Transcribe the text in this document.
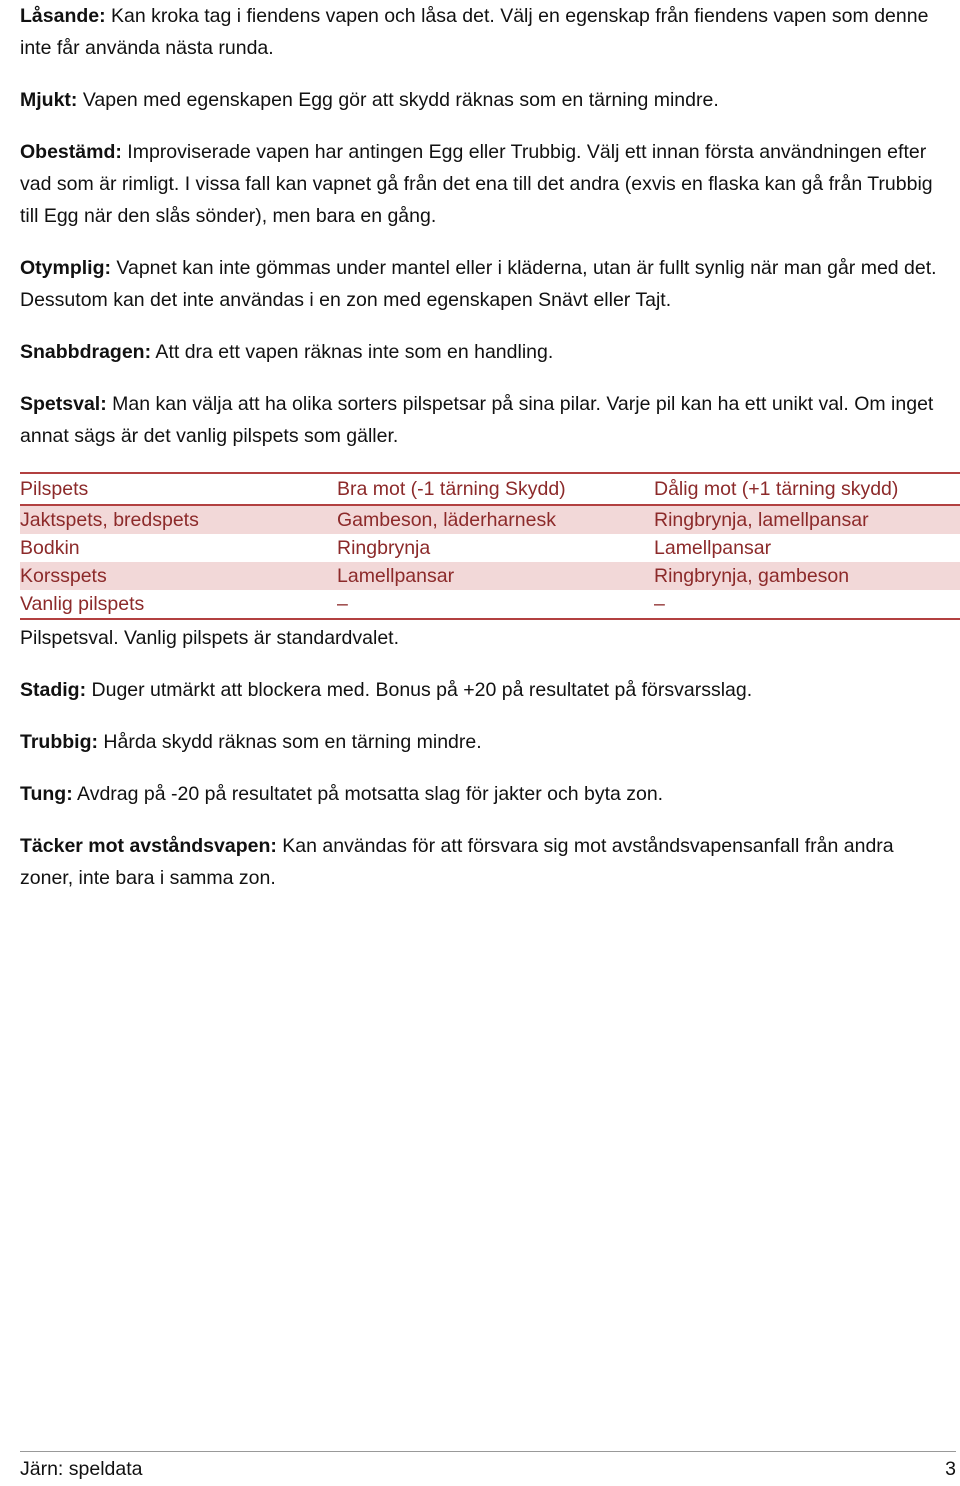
Låsande: Kan kroka tag i fiendens vapen och låsa det. Välj en egenskap från fiendens vapen som denne inte får använda nästa runda.

Mjukt: Vapen med egenskapen Egg gör att skydd räknas som en tärning mindre.

Obestämd: Improviserade vapen har antingen Egg eller Trubbig. Välj ett innan första användningen efter vad som är rimligt. I vissa fall kan vapnet gå från det ena till det andra (exvis en flaska kan gå från Trubbig till Egg när den slås sönder), men bara en gång.

Otymplig: Vapnet kan inte gömmas under mantel eller i kläderna, utan är fullt synlig när man går med det. Dessutom kan det inte användas i en zon med egenskapen Snävt eller Tajt.

Snabbdragen: Att dra ett vapen räknas inte som en handling.

Spetsval: Man kan välja att ha olika sorters pilspetsar på sina pilar. Varje pil kan ha ett unikt val. Om inget annat sägs är det vanlig pilspets som gäller.

Pilspets	Bra mot (-1 tärning Skydd)	Dålig mot (+1 tärning skydd)
Jaktspets, bredspets	Gambeson, läderharnesk	Ringbrynja, lamellpansar
Bodkin	Ringbrynja	Lamellpansar
Korsspets	Lamellpansar	Ringbrynja, gambeson
Vanlig pilspets	–	–

Pilspetsval. Vanlig pilspets är standardvalet.

Stadig: Duger utmärkt att blockera med. Bonus på +20 på resultatet på försvarsslag.

Trubbig: Hårda skydd räknas som en tärning mindre.

Tung: Avdrag på -20 på resultatet på motsatta slag för jakter och byta zon.

Täcker mot avståndsvapen: Kan användas för att försvara sig mot avståndsvapensanfall från andra zoner, inte bara i samma zon.

Järn: speldata	3
